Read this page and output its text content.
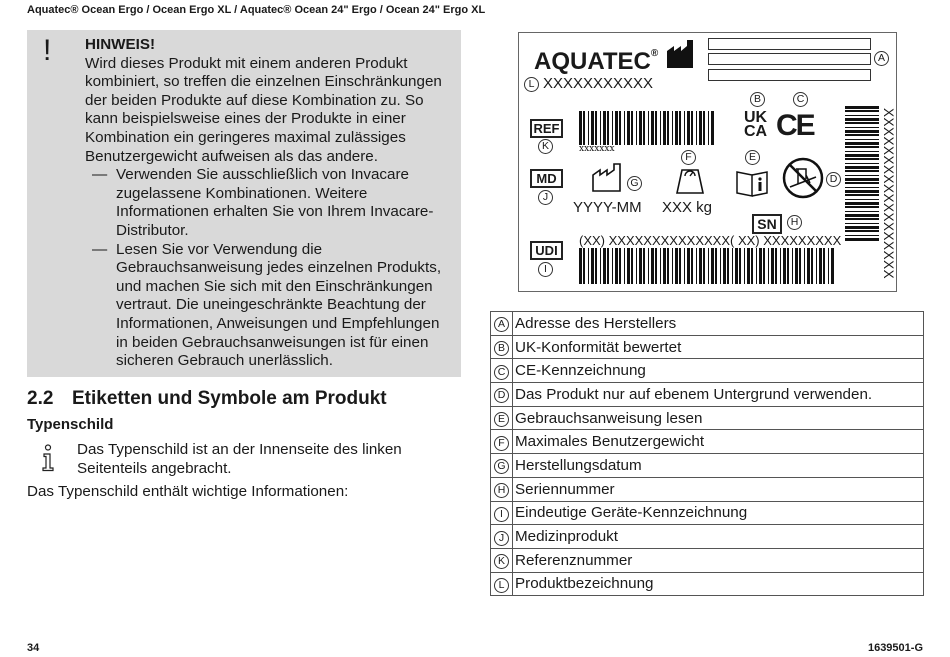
Aquatec® Ocean Ergo / Ocean Ergo XL / Aquatec® Ocean 24" Ergo / Ocean 24" Ergo XL
! HINWEIS!
Wird dieses Produkt mit einem anderen Produkt kombiniert, so treffen die einzelnen Einschränkungen der beiden Produkte auf diese Kombination zu. So kann beispielsweise eines der Produkte in einer Kombination ein geringeres maximal zulässiges Benutzergewicht aufweisen als das andere.
— Verwenden Sie ausschließlich von Invacare zugelassene Kombinationen. Weitere Informationen erhalten Sie von Ihrem Invacare-Distributor.
— Lesen Sie vor Verwendung die Gebrauchsanweisung jedes einzelnen Produkts, und machen Sie sich mit den Einschränkungen vertraut. Die uneingeschränkte Beachtung der Informationen, Anweisungen und Empfehlungen in beiden Gebrauchsanweisungen ist für einen sicheren Gebrauch unerlässlich.
2.2 Etiketten und Symbole am Produkt
Typenschild
Das Typenschild ist an der Innenseite des linken Seitenteils angebracht.
Das Typenschild enthält wichtige Informationen:
AQUATEC®	A
L XXXXXXXXXXX
B	C
REF
K	xxxxxxx
UK
CA CE
F	E
MD
J
G
YYYY-MM XXX kg
D
SN	H
UDI
I
(XX) XXXXXXXXXXXXXX( XX) XXXXXXXXX	XXXXXXXXXXXXXXXXXX
A	Adresse des Herstellers
B	UK-Konformität bewertet
C	CE-Kennzeichnung
D	Das Produkt nur auf ebenem Untergrund verwenden.
E	Gebrauchsanweisung lesen
F	Maximales Benutzergewicht
G	Herstellungsdatum
H	Seriennummer
I	Eindeutige Geräte-Kennzeichnung
J	Medizinprodukt
K	Referenznummer
L	Produktbezeichnung
34	1639501-G
